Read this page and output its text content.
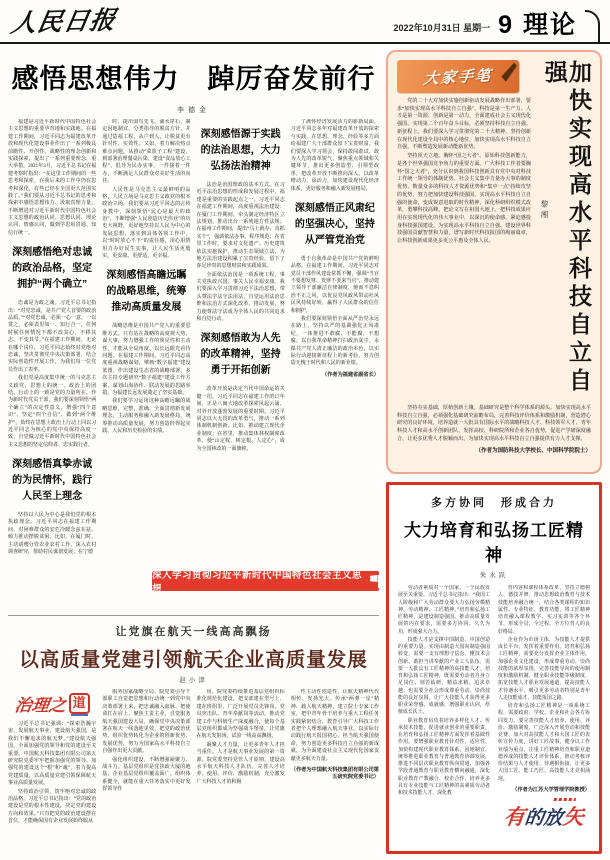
人民日报	2022年10月31日 星期一 9 理论
感悟思想伟力　踔厉奋发前行
李德金

福建是习近平新时代中国特色社会主义思想的重要孕育地和实践地。在福建工作期间，习近平同志为福建改革开放和现代化建设事业作出了一系列极具前瞻性、开创性、战略性的理念创新和实践探索，提出了一系列重要理念、重大举措。2021年3月，习近平总书记在福建考察时指出：“在这里工作期间的一些思考和探索，在我后来的工作中仍在思考和深化，有些已经在全国更大范围实践了。”我们要从习近平总书记的思考和探索中感悟思想伟力、汲取真理力量，不断增进对习近平新时代中国特色社会主义思想的政治认同、思想认同、理论认同、情感认同，做到学思用贯通、知信行统一。

深刻感悟绝对忠诚的政治品格，坚定拥护“两个确立”

忠诚是为政之魂。习近平总书记指出：“对党忠诚，是共产党人首要的政治品质。”“对党忠诚，必须一心一意、一以贯之，必须表里如一、知行合一，任何时候任何情况下都不改其心、不移其志、不变其节。”在福建工作期间，无论在哪个岗位，习近平同志始终对党绝对忠诚，坚决贯彻党中央决策部署，结合实际创造性开展工作，为我们每一位党员作出了表率。

我们党是高度集中统一的马克思主义政党，思想上的统一、政治上的团结、行动上的一致是党的力量所在。作为新时代党员干部，我们要深刻领悟“两个确立”的决定性意义，增强“四个意识”、坚定“四个自信”、做到“两个维护”，始终在思想上政治上行动上同以习近平同志为核心的党中央保持高度一致，自觉做习近平新时代中国特色社会主义思想的坚定信仰者、忠实践行者。

深刻感悟真挚赤诚的为民情怀，践行人民至上理念

坚持以人民为中心是我们党的根本执政理念。习近平同志在福建工作期间，对困难群众的安危冷暖念兹在兹，倾力推动摆脱贫困。比如，在厦门时，主动请缨分管农业农村工作，深入农村调查研究，帮助村民谋划发展；在宁德

时，提出弱鸟先飞、滴水穿石，制定因地制宜、分类指导的脱贫方针，并通过造福工程、从户到人，让脱贫更有针对性、实效性。又如，着力解决热点难点问题，从推动“菜篮子工程”建设，到部署治理餐桌污染、建设“食品放心工程”，倡导为民办实事，一件接着一件办，不断满足人民群众对美好生活的向往。

人民性是马克思主义最鲜明的品格，人民立场是马克思主义政党的根本政治立场。我们要从习近平同志的言传身教中，深刻领悟“民心是最大的政治”，不断增强“人民创造历史伟业”的历史大视野，更好地坚持以人民为中心的发展思想，落实到具体各项工作中，以“时时放心不下”的责任感，用心用情用力办好民生实事，让人民生活更殷实、更安康、更舒适、更幸福。

深刻感悟高瞻远瞩的战略思维，统筹推动高质量发展

战略思维是中国共产党人的重要思维方式。只有站在战略的高度观大势、谋大事，努力增强工作的预见性和主动性，才能从全局角度、以长远眼光看待问题。在福建工作期间，习近平同志高度重视战略谋划，擘画“数字福建”建设蓝图，作出建设生态省的战略部署，多次主持专题研究“数字福建”建设工作方案，谋划山海协作、联动发展的思路举措，为福建长远发展奠定了坚实基础。

我们要学习运用这种高瞻远瞩的战略思维，完整、准确、全面贯彻新发展理念，主动服务和融入新发展格局，统筹推动高质量发展，努力创造经得起实践、人民和历史检验的实绩。

深刻感悟源于实践的法治思想，大力弘扬法治精神

法治是治国理政的基本方式。在习近平法治思想的形成和发展过程中，福建是重要的实践起点之一。习近平同志在福建工作期间，高度重视法治建设：在厦门工作期间，牵头制定经济特区立法规划，推动出台一系列地方性法规；在福州工作期间，提出“马上就办、真抓实干”，强调依法办事、程序规范；在省里工作时，要求对文化遗产、历史建筑依法实施保护，推动生态领域立法，为地方法治建设积累了宝贵经验，留下了弥足珍贵的思想财富和实践成果。

全面依法治国是一项系统工程，事关党执政兴国、事关人民幸福安康。我们要深入学习贯彻习近平法治思想，带头尊法学法守法用法，自觉运用法治思维和法治方式深化改革、推动发展，努力使尊法守法成为全体人民的共同追求和自觉行动。

深刻感悟敢为人先的改革精神，坚持勇于开拓创新

改革开放是决定当代中国命运的关键一招。习近平同志在福建工作的17年间，正是八闽大地改革探索风起云涌、对外开放蓬勃发展的重要时期。习近平同志以大无畏的改革勇气，推动一系列体制机制创新。比如，推动建立现代企业制度；在省里，推动集体林权制度改革，使“山定权、树定根、人定心”，成为全国林改的一面旗帜。

了满怀经济发展活力的崭新局面。习近平同志多年对福建改革开放的探索与实践，在思想、理念、经验等多方面给福建广大干部群众留下宝贵财富。我们要深入学习领会，保持敢闯敢试、敢为人先的改革锐气，聚焦重点领域和关键环节，推出更多创造型、引领型改革，把改革开放不断推向深入，以改革增动力、添活力，加快建设现代化经济体系，更好服务和融入新发展格局。

深刻感悟正风肃纪的坚强决心，坚持从严管党治党

勇于自我革命是中国共产党的鲜明品格。在福建工作期间，习近平同志对党员干部作风建设常抓不懈，强调“当官不要想发财、发财不要来当官”，推动建立领导干部廉洁自律制度，驰而不息纠治不正之风，以优良党风政风带动社风民风持续好转，赢得了人民群众的信任和拥护。

我们要深刻领悟全面从严治党永远在路上，坚持以严的基调强化正风肃纪，一体推进不敢腐、不能腐、不想腐，以自我革命精神打扫政治灰尘，永葆共产党人清正廉洁的政治本色，以实际行动迎接新征程上的新考验，努力创造无愧于时代和人民的新业绩。

（作者为福建省副省长）
深入学习贯彻习近平新时代中国特色社会主义思想
让党旗在航天一线高高飘扬
以高质量党建引领航天企业高质量发展
赵小津
治理之 道

习近平总书记强调：“探索浩瀚宇宙，发展航天事业，建设航天强国，是我们不懈追求的航天梦。”建设航天强国，全面加强党的领导和党的建设至关重要。中国航天科技集团有限公司第五研究院党委牢牢把握加强党的领导、加强党的建设这个“根”和“魂”，着力提高党建质量，以高质量党建引领保障航天事业高质量发展。

坚持政治引领，筑牢绝对忠诚的政治品格。习近平总书记指出：“党的政治建设是党的根本性建设，决定党的建设方向和效果。”只有把党的政治建设摆在首位，才能确保国有企业发展始终服从

服务国家战略全局。院党委引导干部职工自觉把思想和行动统一到党中央决策部署上来，把忠诚融入血脉、把使命扛在肩上，聚焦主责主业，自觉服务航天强国建设大局，确保党中央决策部署在航天一线落地见效，把党的政治优势、组织优势转化为企业的创新优势、发展优势，努力为国家高水平科技自立自强作出更大贡献。

强化组织建设，不断增强凝聚力、战斗力。基层党组织是党执政大厦的地基，企业基层党组织覆盖面广、组织体系健全，就能在重大任务落实中更好发挥领导作

用。院党委持续推进基层党组织标准化规范化建设，把支部建在型号上、建在班组里，广泛开展党员先锋岗、党员突击队、青年奉献岗等活动，推动党建工作与科研生产深度融合，使每个基层党组织都成为坚强战斗堡垒，让党旗在航天发射场、试验一线高高飘扬。

凝聚人才力量，让更多青年人才担当重任。人才是航天事业发展的第一资源。院党委坚持党管人才原则，建设高水平航天科技人才队伍，完善人才培养、使用、评价、激励机制，充分激发广大科技人才的积极

性主动性创造性，让航天精神代代相传、发扬光大。传承“两弹一星”精神、载人航天精神，建立院士专家工作室，把中青年骨干培养与重大工程任务实践紧密结合，教育引导广大科技工作者把个人理想融入航天事业，以实际行动践行航天报国初心、担当航天强国使命，努力创造更多科技自立自强的新成就，为全面建设社会主义现代化国家贡献更多航天力量。

（作者为中国航天科技集团有限公司第五研究院党委书记）
大家手笔

党的二十大对加快实施创新驱动发展战略作出部署，要求“加快实现高水平科技自立自强”。科技是第一生产力、人才是第一资源、创新是第一动力，全面建成社会主义现代化强国、实现第二个百年奋斗目标，必须坚持科技自立自强。新征程上，我们要深入学习贯彻党的二十大精神，坚持创新在现代化建设全局中的核心地位，加快实现高水平科技自立自强，不断塑造发展新动能新优势。

坚持顶天立地，胸怀“国之大者”。原始科技创新能力，是各个世界强国竞争角力的重要方面。广大科技工作者要胸怀“国之大者”，充分认识到我国科技创新具有党中央对科技工作统一领导的体制优势、社会主义集中力量办大事的制度优势、数量众多的科技人才资源优势和“集中一点”持续攻坚的优势，努力把加快建设科技强国、实现高水平科技自立自强的使命，变成锐意进取的时代精神，深化科研组织模式改革，勇攀科技高峰，把论文写在祖国大地上，把科技成果应用在实现现代化的伟大事业中，以深沉的使命感、紧迫感投身科技强国建设，为实现高水平科技自立自强、建设世界科技强国贡献智慧和力量，谱写新时代科技报国的绚丽篇章，让科技创新成果更多更公平惠及全体人民。

黎湘 加快实现高水平科技自立自强

坚持夯实基础，厚植创新土壤。基础研究是整个科学体系的源头。加快实现高水平科技自立自强，必须强化基础研究前瞻布局，完善科技评价体系和激励机制，营造潜心研究的良好环境，培养造就一大批具有国际水平的战略科技人才、科技领军人才、青年科技人才和高水平创新团队，发挥高校、科研院所和企业各自优势，促进产学研深度融合，让更多优秀人才脱颖而出，为加快实现高水平科技自立自强提供有力人才支撑。

（作者为国防科技大学校长、中国科学院院士）
多方协同　形成合力
大力培育和弘扬工匠精神
朱永跃

劳动者素质对一个国家、一个民族发展至关重要。习近平总书记指出：“我国工人阶级和广大劳动群众要大力弘扬劳模精神、劳动精神、工匠精神。”培育和弘扬工匠精神，是建设制造强国、推动高质量发展的内在要求，需要多方协同、久久为功，形成强大合力。

技能人才是支撑中国制造、中国创造的重要力量。实现由制造大国向制造强国转变，需要一支有理想守信念、懂技术会创新、敢担当讲奉献的产业工人队伍，需要一大批具有工匠精神的高技能人才。培育和弘扬工匠精神，既需要劳动者自身立足岗位、刻苦钻研，精益求精、追求卓越，也需要全社会形成尊重劳动、崇尚技能的良好氛围，让广大技能人才获得更多职业荣誉感、成就感，增强职业认同，厚植成长沃土。

职业教育肩负着培养多样化人才、传承技术技能、促进就业创业的重要职责，在培育和弘扬工匠精神方面发挥着基础性作用。要增强职业教育针对性、适应性，加快构建现代职业教育体系，因地制宜、统筹推进职业教育与普通教育协调发展，推进不同层次职业教育纵向贯通、加强各学段普通教育与职业教育横向融通，深化职业教育产教融合、校企合作，培养更多具有专业技能与工匠精神的高素质劳动者和技术技能人才，深化教

育内容和课程体系改革，坚持立德树人、德技并修，推动思想政治教育与技术技能培养融合统一，结合各类课程的知识属性、专业特征、教育功能，将工匠精神培育融入课程教学、实习实训等各个环节，形成全员、全过程、全方位育人的良好格局。

企业作为市场主体，为技能人才提供成长平台，发挥着重要作用。培育和弘扬工匠精神，需要充分发挥企业主体作用，加强企业文化建设，形成尊重劳动、崇尚技能的浓厚氛围，完善技能导向的使用制度和激励机制，健全职业技能等级制度，拓宽技能人才职业发展通道，提高技能人才待遇水平，吸引更多劳动者特别是青年人走技能成才、技能报国之路。

培育和弘扬工匠精神是一项系统工程，需要政府、学校、企业和社会各方协同发力。要完善技能人才培养、使用、评价、激励制度，广泛深入开展劳动和技能竞赛，加大对高技能人才和大国工匠的表彰宣传力度，讲好工匠故事，健全以工作业绩为重点、注重工匠精神培育和职业道德养成的技能人才评价体系，推动考核评价结果与人才使用、待遇相衔接，让更多大国工匠、能工巧匠、高技能人才竞相涌现。

（作者为江苏大学管理学院教授）
有
的放
矢
